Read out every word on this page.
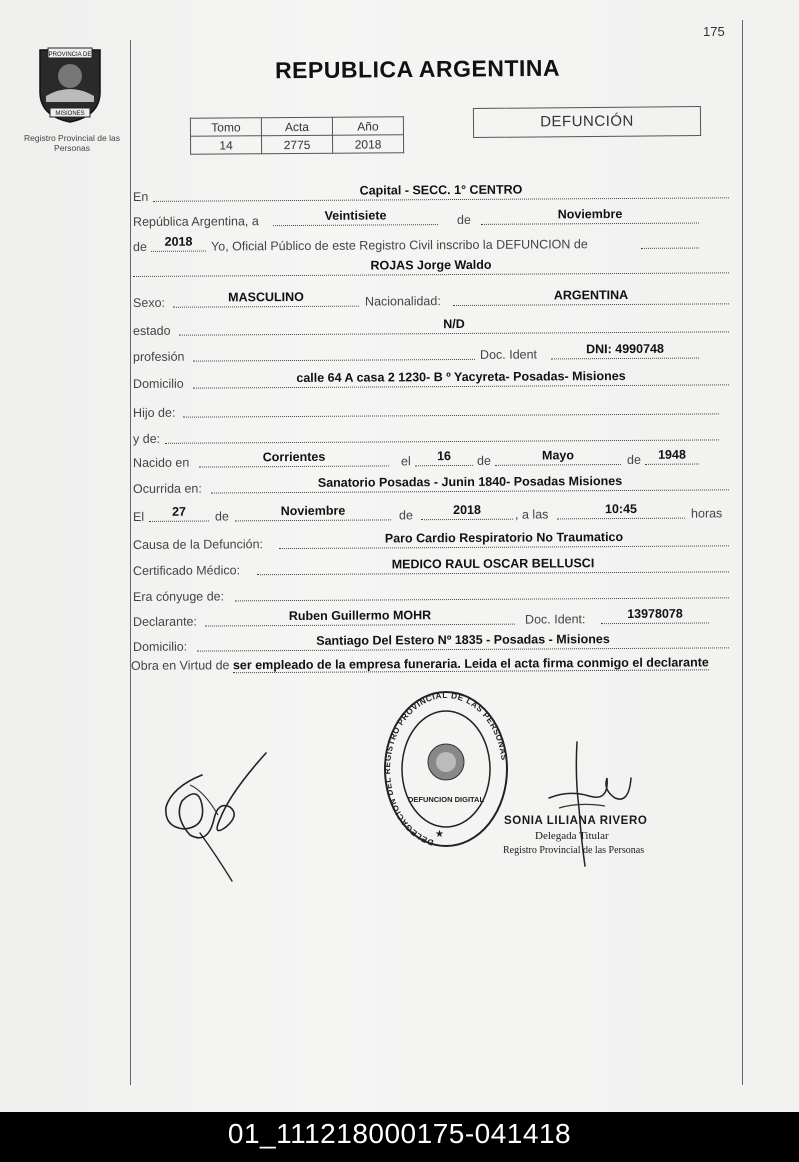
175
PROVINCIA DE
MISIONES
Registro Provincial de las Personas
REPUBLICA ARGENTINA
Tomo	Acta	Año
14	2775	2018
DEFUNCIÓN
En	Capital - SECC. 1° CENTRO
República Argentina, a	Veintisiete	de	Noviembre
de	2018	Yo, Oficial Público de este Registro Civil inscribo la DEFUNCION de
ROJAS Jorge Waldo
Sexo:	MASCULINO	Nacionalidad:	ARGENTINA
estado	N/D
profesión	Doc. Ident	DNI: 4990748
Domicilio	calle 64 A casa 2 1230- B º Yacyreta- Posadas- Misiones
Hijo de:
y de:
Nacido en	Corrientes	el	16	de	Mayo	de	1948
Ocurrida en:	Sanatorio Posadas - Junin 1840- Posadas Misiones
El	27	de	Noviembre	de	2018	, a las	10:45	horas
Causa de la Defunción:	Paro Cardio Respiratorio No Traumatico
Certificado Médico:	MEDICO RAUL OSCAR BELLUSCI
Era cónyuge de:
Declarante:	Ruben Guillermo MOHR	Doc. Ident:	13978078
Domicilio:	Santiago Del Estero Nº 1835 - Posadas - Misiones
Obra en Virtud de ser empleado de la empresa funeraria. Leida el acta firma conmigo el declarante
DELEGACION DEL REGISTRO PROVINCIAL DE LAS PERSONAS
DEFUNCION DIGITAL
★
SONIA LILIANA RIVERO
Delegada Titular
Registro Provincial de las Personas
01_111218000175-041418
